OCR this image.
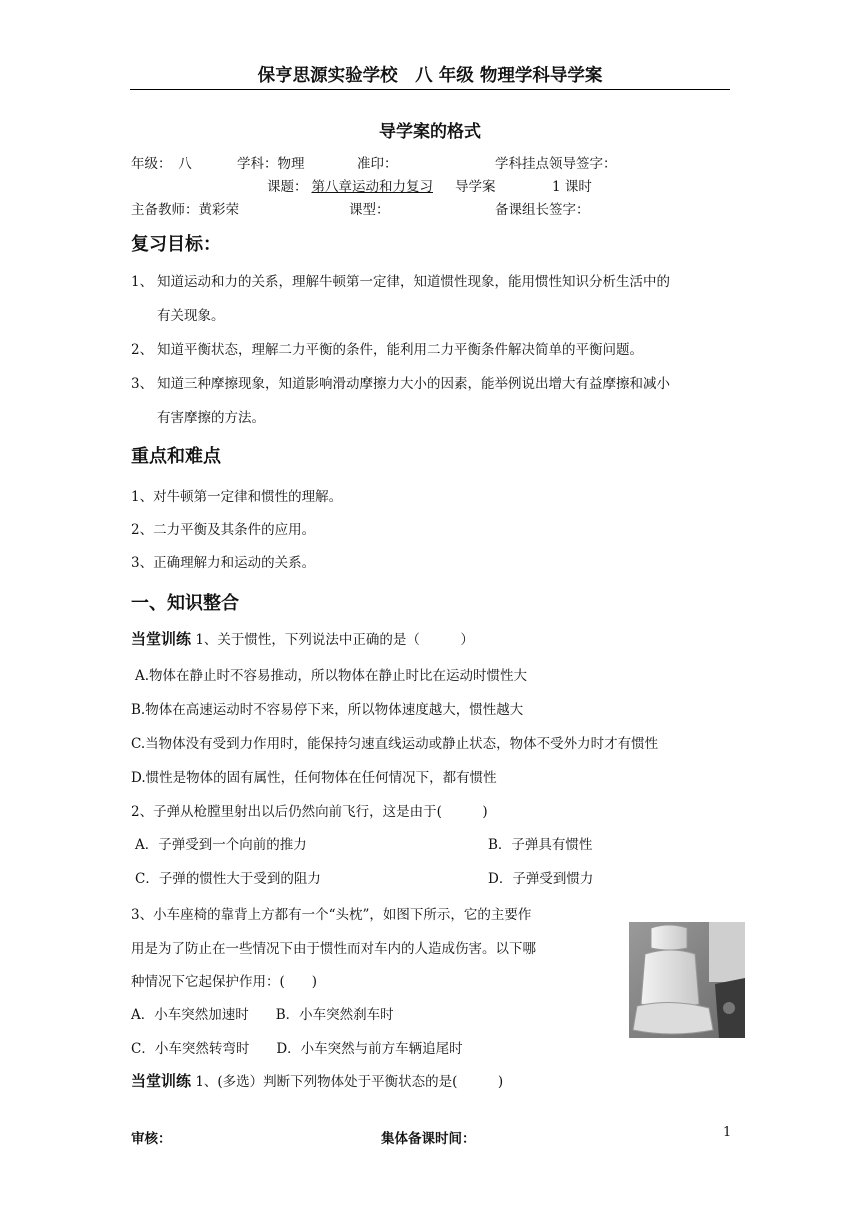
保亨思源实验学校　八 年级 物理学科导学案
导学案的格式
年级：　八	学科：物理	准印：	学科挂点领导签字：
课题： 第八章运动和力复习 导学案	1 课时
主备教师：黄彩荣	课型：	备课组长签字：
复习目标：
1、 知道运动和力的关系，理解牛顿第一定律，知道惯性现象，能用惯性知识分析生活中的
有关现象。
2、 知道平衡状态，理解二力平衡的条件，能利用二力平衡条件解决简单的平衡问题。
3、 知道三种摩擦现象，知道影响滑动摩擦力大小的因素，能举例说出增大有益摩擦和减小
有害摩擦的方法。
重点和难点
1、对牛顿第一定律和惯性的理解。
2、二力平衡及其条件的应用。
3、正确理解力和运动的关系。
一、知识整合
当堂训练 1、关于惯性，下列说法中正确的是（　　　）
A.物体在静止时不容易推动，所以物体在静止时比在运动时惯性大
B.物体在高速运动时不容易停下来，所以物体速度越大，惯性越大
C.当物体没有受到力作用时，能保持匀速直线运动或静止状态，物体不受外力时才有惯性
D.惯性是物体的固有属性，任何物体在任何情况下，都有惯性
2、子弹从枪膛里射出以后仍然向前飞行，这是由于(　　　)
A．子弹受到一个向前的推力	B．子弹具有惯性
C．子弹的惯性大于受到的阻力	D．子弹受到惯力
3、小车座椅的靠背上方都有一个“头枕”，如图下所示，它的主要作
用是为了防止在一些情况下由于惯性而对车内的人造成伤害。以下哪
种情况下它起保护作用：(　　)
A．小车突然加速时　　B．小车突然刹车时
C．小车突然转弯时　　D．小车突然与前方车辆追尾时
当堂训练 1、(多选）判断下列物体处于平衡状态的是(　　　)
审核：	集体备课时间：	1
